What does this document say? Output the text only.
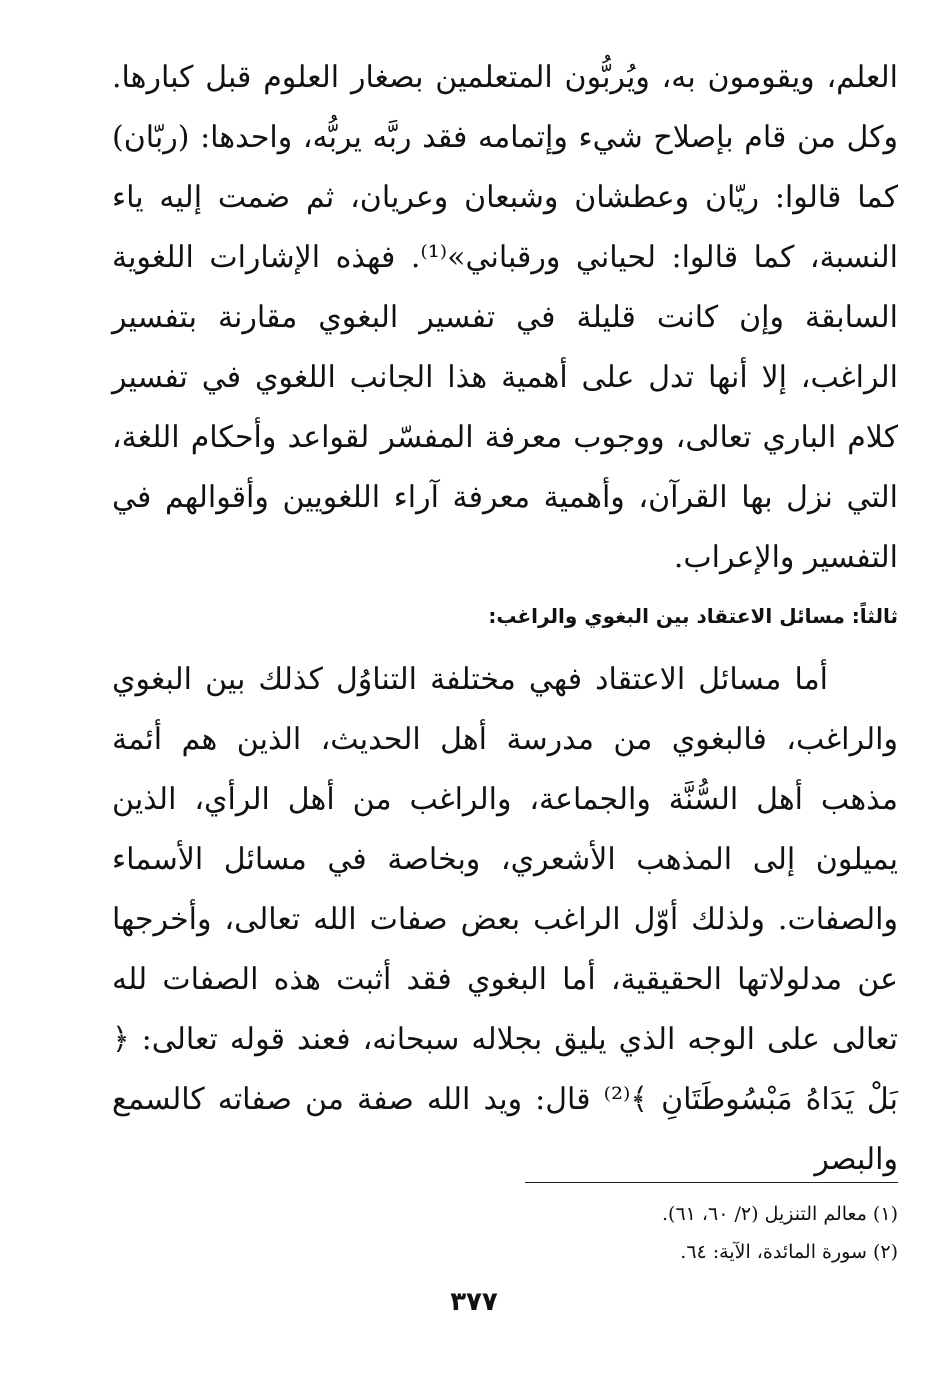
العلم، ويقومون به، ويُربُّون المتعلمين بصغار العلوم قبل كبارها. وكل من قام بإصلاح شيء وإتمامه فقد ربَّه يربُّه، واحدها: (ربّان) كما قالوا: ريّان وعطشان وشبعان وعريان، ثم ضمت إليه ياء النسبة، كما قالوا: لحياني ورقباني»⁽¹⁾. فهذه الإشارات اللغوية السابقة وإن كانت قليلة في تفسير البغوي مقارنة بتفسير الراغب، إلا أنها تدل على أهمية هذا الجانب اللغوي في تفسير كلام الباري تعالى، ووجوب معرفة المفسّر لقواعد وأحكام اللغة، التي نزل بها القرآن، وأهمية معرفة آراء اللغويين وأقوالهم في التفسير والإعراب.

ثالثاً: مسائل الاعتقاد بين البغوي والراغب:

أما مسائل الاعتقاد فهي مختلفة التناوُل كذلك بين البغوي والراغب، فالبغوي من مدرسة أهل الحديث، الذين هم أئمة مذهب أهل السُّنَّة والجماعة، والراغب من أهل الرأي، الذين يميلون إلى المذهب الأشعري، وبخاصة في مسائل الأسماء والصفات. ولذلك أوّل الراغب بعض صفات الله تعالى، وأخرجها عن مدلولاتها الحقيقية، أما البغوي فقد أثبت هذه الصفات لله تعالى على الوجه الذي يليق بجلاله سبحانه، فعند قوله تعالى: ﴿ بَلْ يَدَاهُ مَبْسُوطَتَانِ ﴾⁽²⁾ قال: ويد الله صفة من صفاته كالسمع والبصر

(١) معالم التنزيل (٢/ ٦٠، ٦١).
(٢) سورة المائدة، الآية: ٦٤.
٣٧٧
